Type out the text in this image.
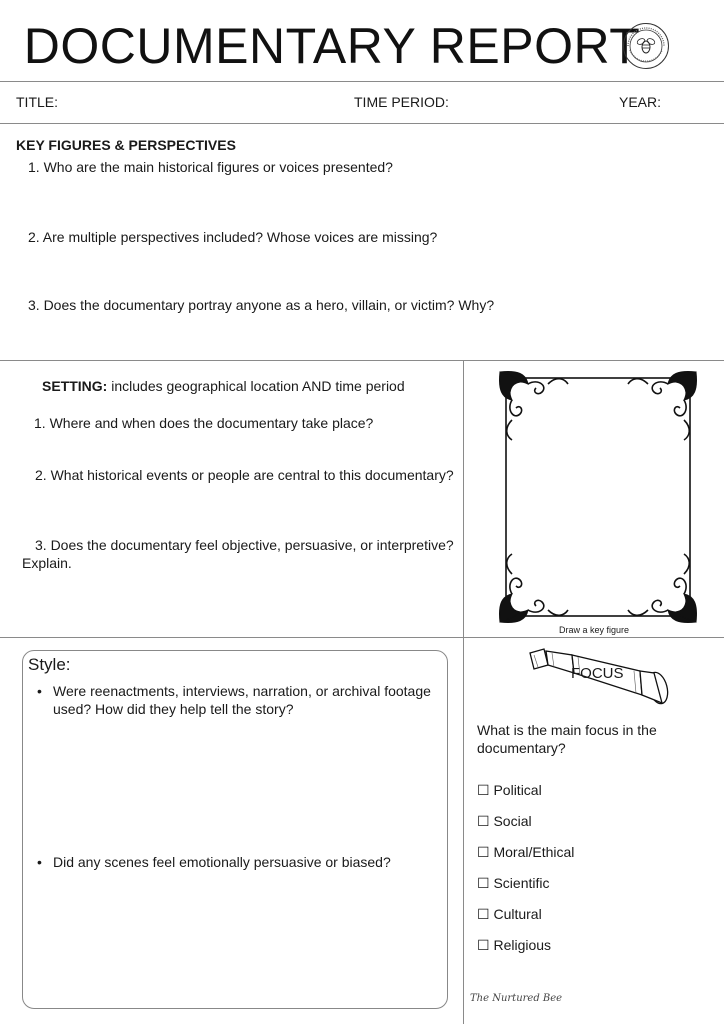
DOCUMENTARY REPORT
TITLE:	TIME PERIOD:	YEAR:
KEY FIGURES & PERSPECTIVES
1. Who are the main historical figures or voices presented?
2. Are multiple perspectives included? Whose voices are missing?
3. Does the documentary portray anyone as a hero, villain, or victim? Why?
SETTING: includes geographical location AND time period
1. Where and when does the documentary take place?
2. What historical events or people are central to this documentary?
3. Does the documentary feel objective, persuasive, or interpretive? Explain.
Draw a key figure
Style:
• Were reenactments, interviews, narration, or archival footage used? How did they help tell the story?
• Did any scenes feel emotionally persuasive or biased?
FOCUS
What is the main focus in the documentary?
☐ Political
☐ Social
☐ Moral/Ethical
☐ Scientific
☐ Cultural
☐ Religious
The Nurtured Bee
